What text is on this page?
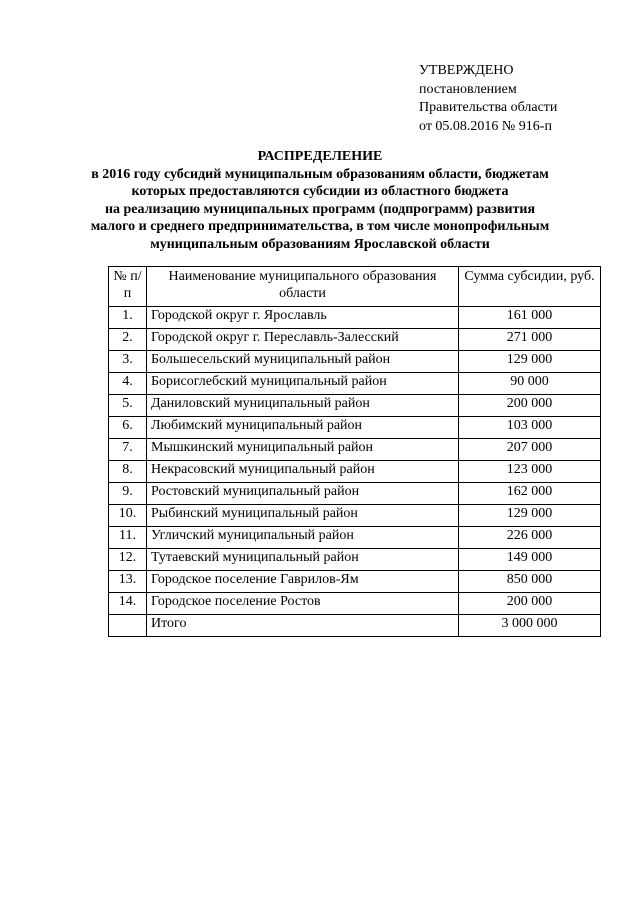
УТВЕРЖДЕНО
постановлением
Правительства области
от 05.08.2016 № 916-п
РАСПРЕДЕЛЕНИЕ
в 2016 году субсидий муниципальным образованиям области, бюджетам
которых предоставляются субсидии из областного бюджета
на реализацию муниципальных программ (подпрограмм) развития
малого и среднего предпринимательства, в том числе монопрофильным
муниципальным образованиям Ярославской области
№ п/п	Наименование муниципального образования области	Сумма субсидии, руб.
1.	Городской округ г. Ярославль	161 000
2.	Городской округ г. Переславль-Залесский	271 000
3.	Большесельский муниципальный район	129 000
4.	Борисоглебский муниципальный район	90 000
5.	Даниловский муниципальный район	200 000
6.	Любимский муниципальный район	103 000
7.	Мышкинский муниципальный район	207 000
8.	Некрасовский муниципальный район	123 000
9.	Ростовский муниципальный район	162 000
10.	Рыбинский муниципальный район	129 000
11.	Угличский муниципальный район	226 000
12.	Тутаевский муниципальный район	149 000
13.	Городское поселение Гаврилов-Ям	850 000
14.	Городское поселение Ростов	200 000
	Итого	3 000 000
